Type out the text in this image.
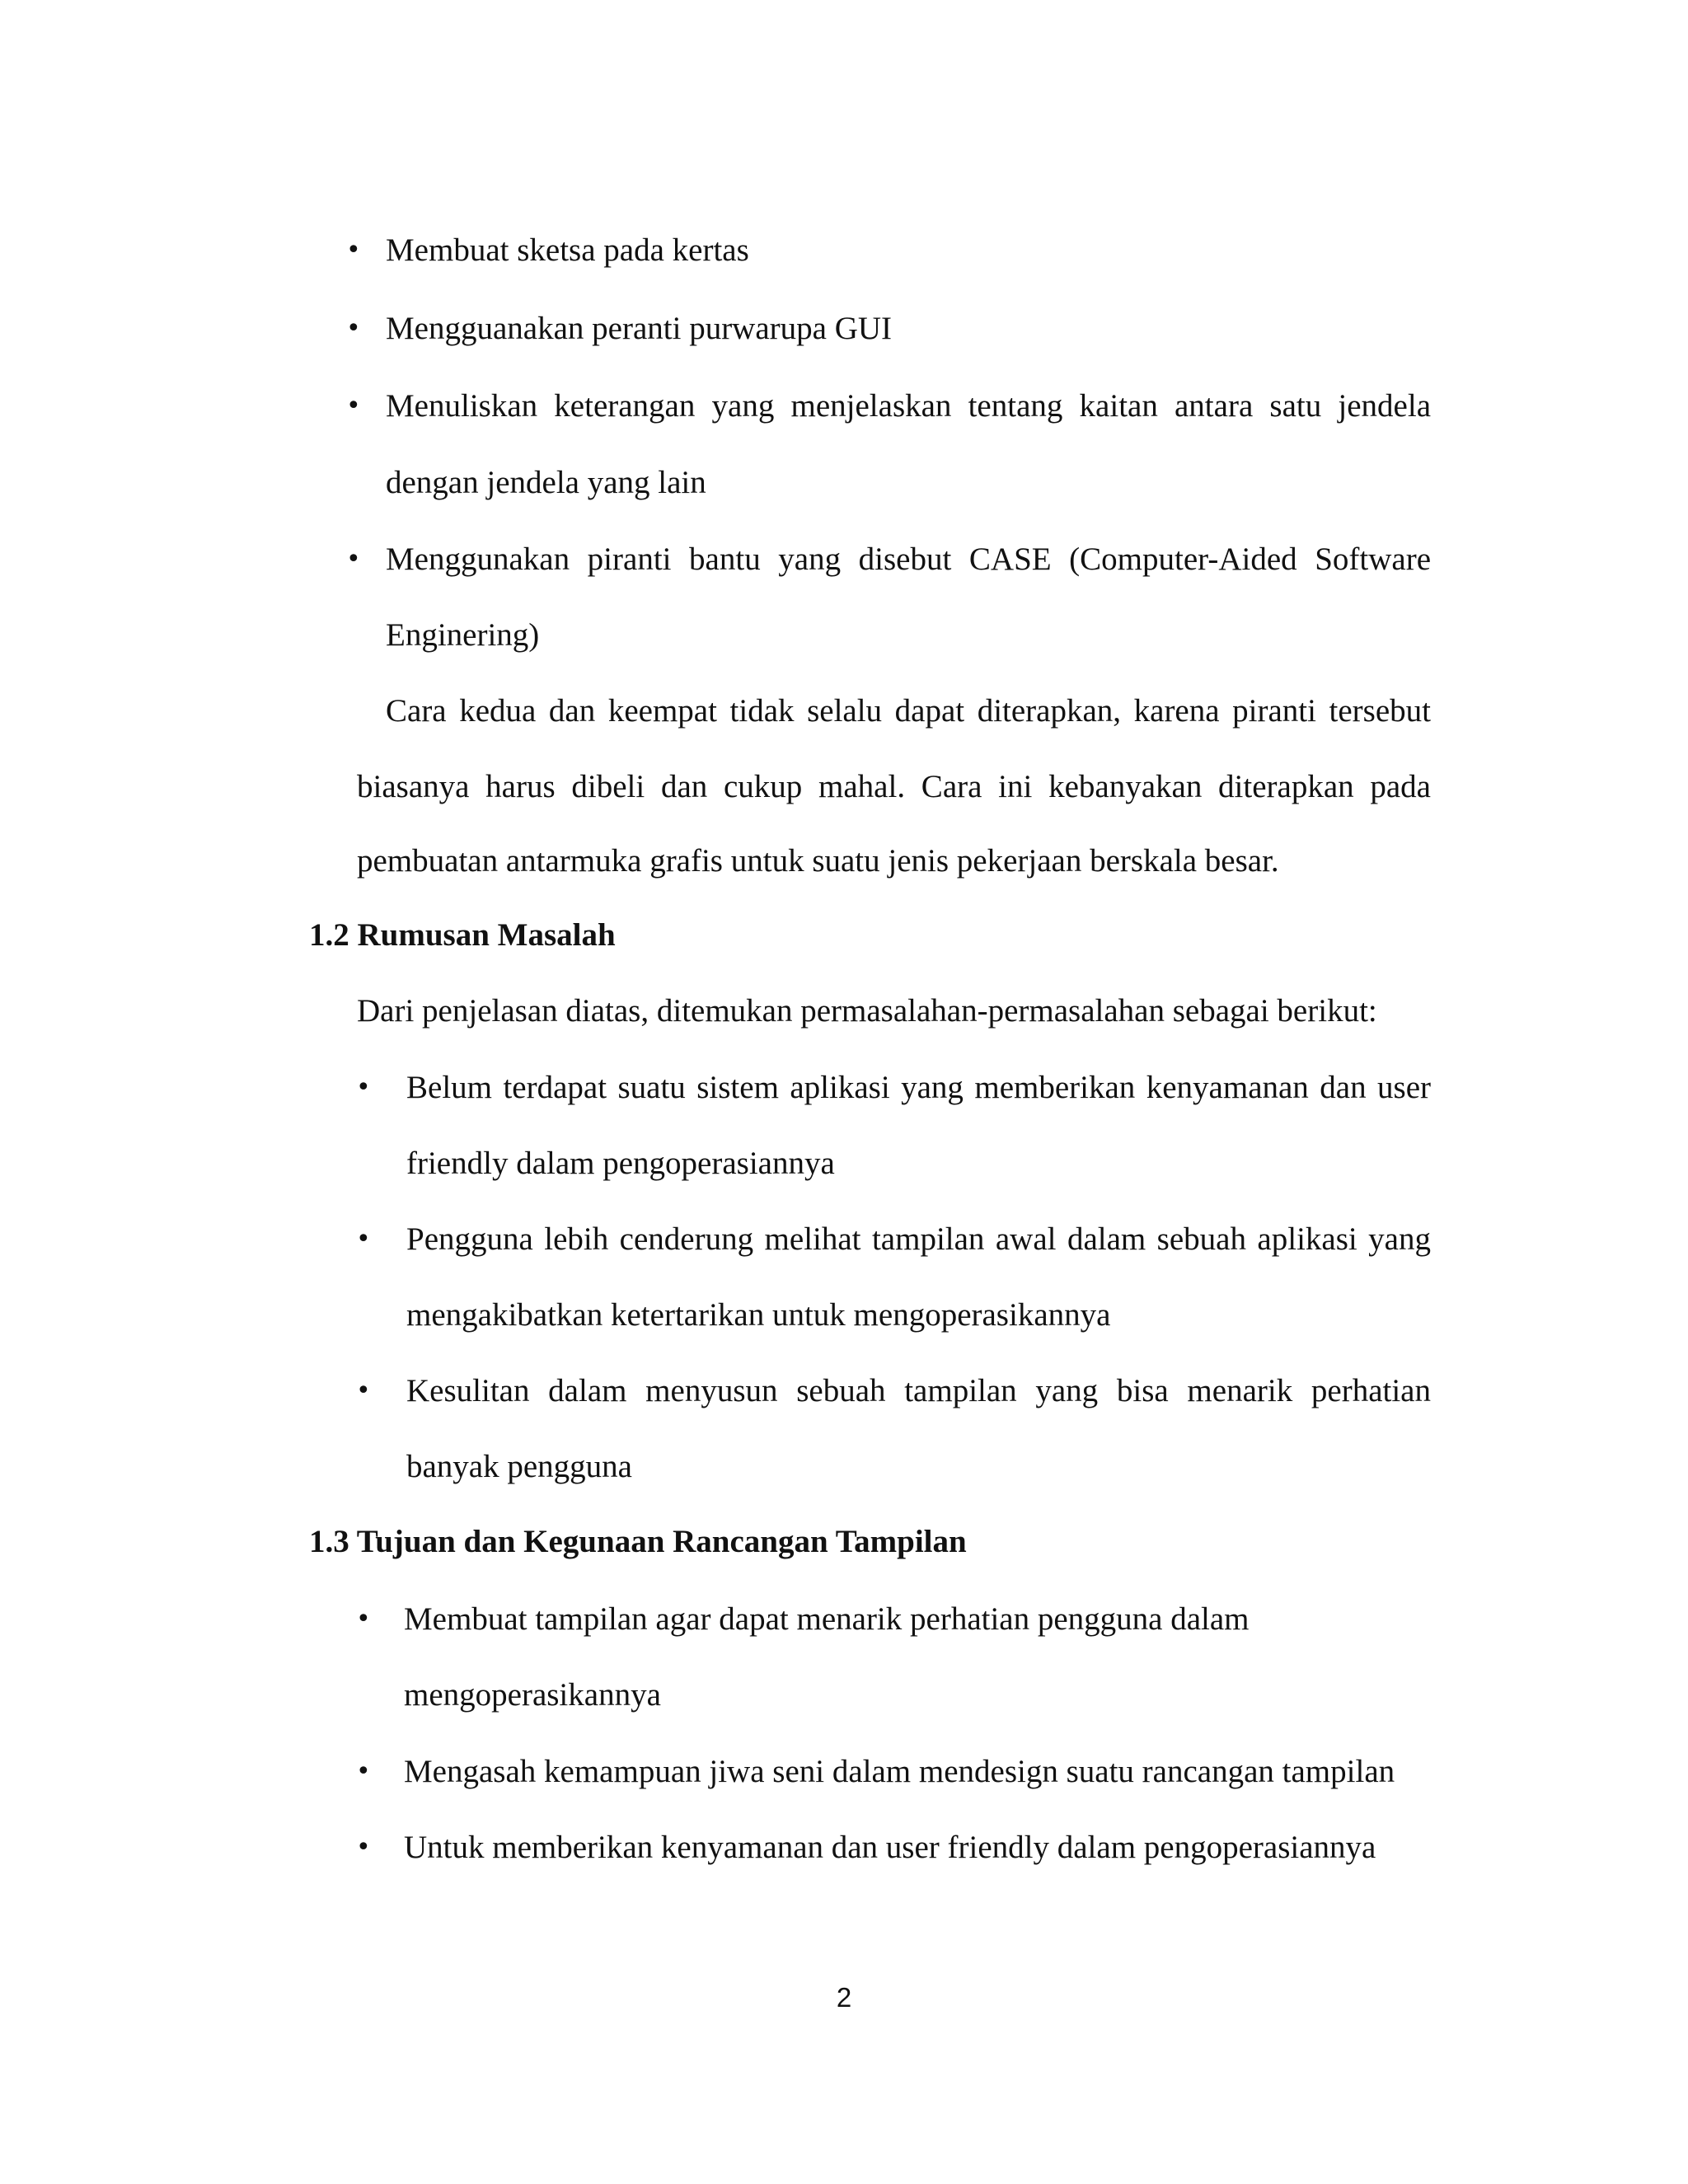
• Membuat sketsa pada kertas
• Mengguanakan peranti purwarupa GUI
• Menuliskan keterangan yang menjelaskan tentang kaitan antara satu jendela
dengan jendela yang lain
• Menggunakan piranti bantu yang disebut CASE (Computer-Aided Software
Enginering)
Cara kedua dan keempat tidak selalu dapat diterapkan, karena piranti tersebut
biasanya harus dibeli dan cukup mahal. Cara ini kebanyakan diterapkan pada
pembuatan antarmuka grafis untuk suatu jenis pekerjaan berskala besar.
1.2 Rumusan Masalah
Dari penjelasan diatas, ditemukan permasalahan-permasalahan sebagai berikut:
• Belum terdapat suatu sistem aplikasi yang memberikan kenyamanan dan user
friendly dalam pengoperasiannya
• Pengguna lebih cenderung melihat tampilan awal dalam sebuah aplikasi yang
mengakibatkan ketertarikan untuk mengoperasikannya
• Kesulitan dalam menyusun sebuah tampilan yang bisa menarik perhatian
banyak pengguna
1.3 Tujuan dan Kegunaan Rancangan Tampilan
• Membuat tampilan agar dapat menarik perhatian pengguna dalam
mengoperasikannya
• Mengasah kemampuan jiwa seni dalam mendesign suatu rancangan tampilan
• Untuk memberikan kenyamanan dan user friendly dalam pengoperasiannya
2
